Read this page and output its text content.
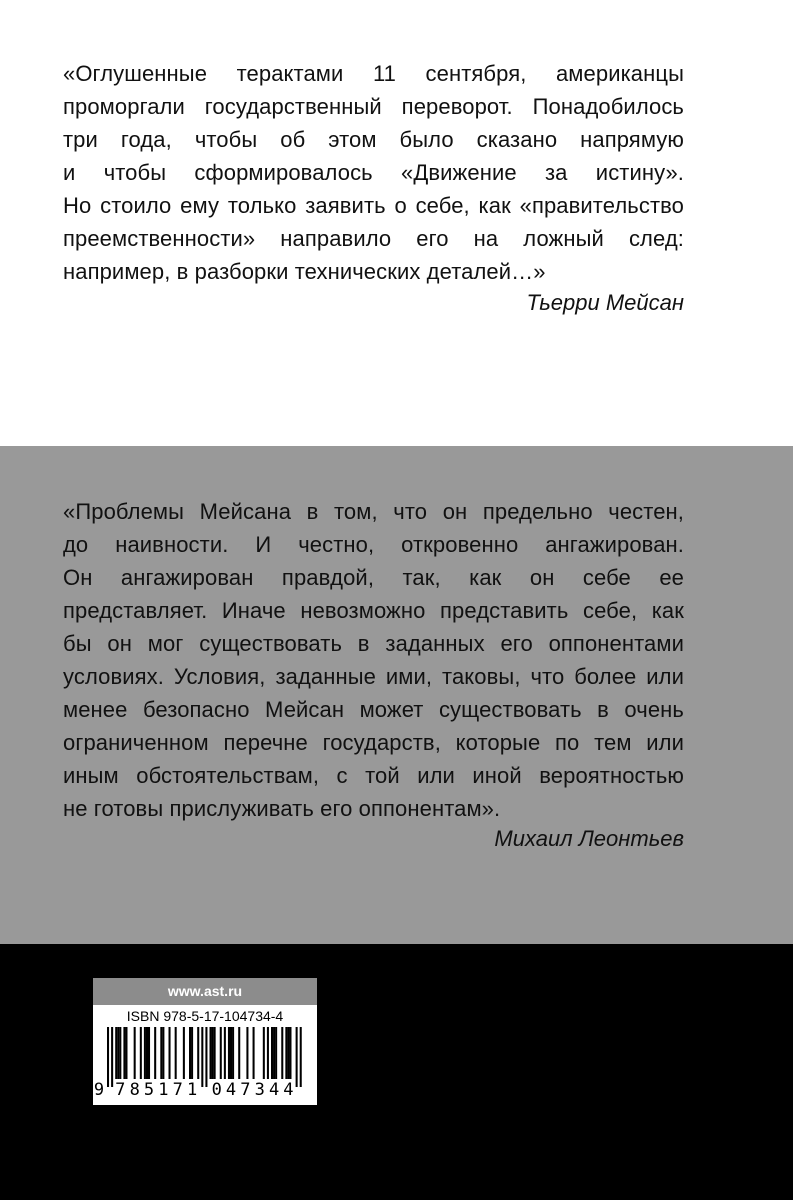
«Оглушенные терактами 11 сентября, американцы
проморгали государственный переворот. Понадобилось
три года, чтобы об этом было сказано напрямую
и чтобы сформировалось «Движение за истину».
Но стоило ему только заявить о себе, как «правительство
преемственности» направило его на ложный след:
например, в разборки технических деталей…»
Тьерри Мейсан
«Проблемы Мейсана в том, что он предельно честен,
до наивности. И честно, откровенно ангажирован.
Он ангажирован правдой, так, как он себе ее
представляет. Иначе невозможно представить себе, как
бы он мог существовать в заданных его оппонентами
условиях. Условия, заданные ими, таковы, что более или
менее безопасно Мейсан может существовать в очень
ограниченном перечне государств, которые по тем или
иным обстоятельствам, с той или иной вероятностью
не готовы прислуживать его оппонентам».
Михаил Леонтьев
www.ast.ru
9 7 8 5 1 7 1 0 4 7 3 4 4
ISBN 978-5-17-104734-4
